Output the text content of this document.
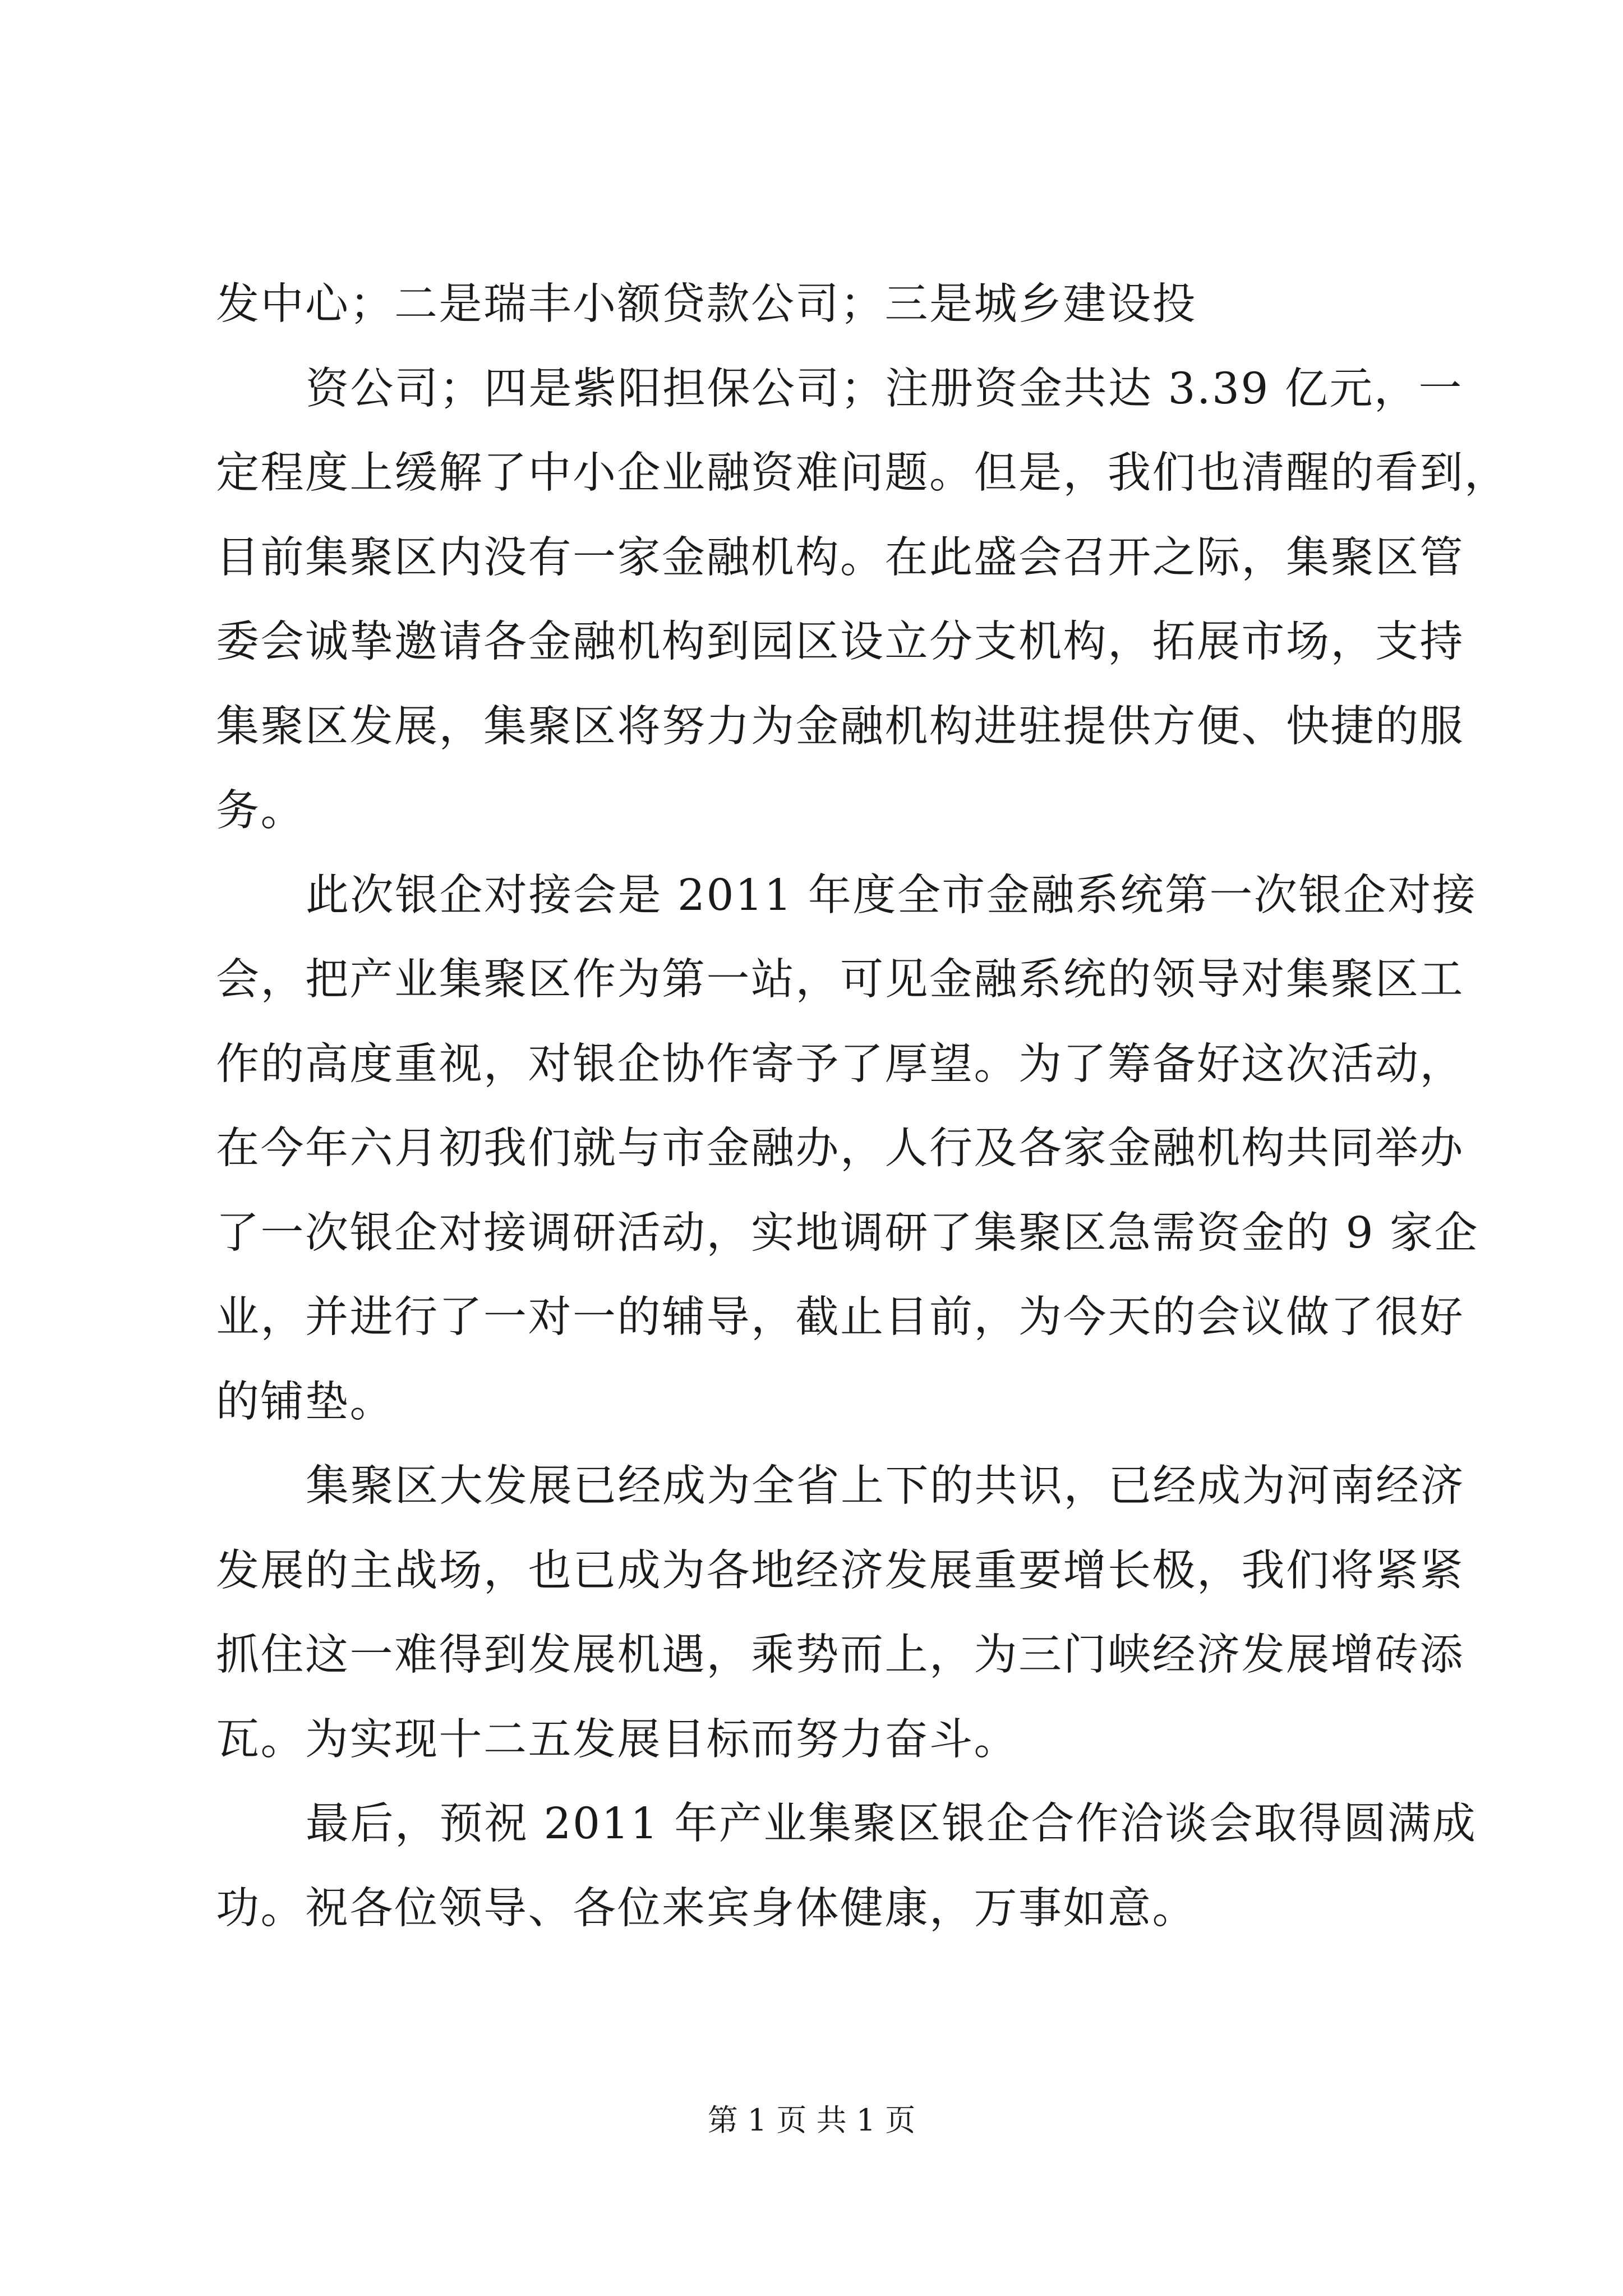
发中心；二是瑞丰小额贷款公司；三是城乡建设投
资公司；四是紫阳担保公司；注册资金共达 3.39 亿元，一
定程度上缓解了中小企业融资难问题。但是，我们也清醒的看到，
目前集聚区内没有一家金融机构。在此盛会召开之际，集聚区管
委会诚挚邀请各金融机构到园区设立分支机构，拓展市场，支持
集聚区发展，集聚区将努力为金融机构进驻提供方便、快捷的服
务。
此次银企对接会是 2011 年度全市金融系统第一次银企对接
会，把产业集聚区作为第一站，可见金融系统的领导对集聚区工
作的高度重视，对银企协作寄予了厚望。为了筹备好这次活动，
在今年六月初我们就与市金融办，人行及各家金融机构共同举办
了一次银企对接调研活动，实地调研了集聚区急需资金的 9 家企
业，并进行了一对一的辅导，截止目前，为今天的会议做了很好
的铺垫。
集聚区大发展已经成为全省上下的共识，已经成为河南经济
发展的主战场，也已成为各地经济发展重要增长极，我们将紧紧
抓住这一难得到发展机遇，乘势而上，为三门峡经济发展增砖添
瓦。为实现十二五发展目标而努力奋斗。
最后，预祝 2011 年产业集聚区银企合作洽谈会取得圆满成
功。祝各位领导、各位来宾身体健康，万事如意。
第 1 页 共 1 页
